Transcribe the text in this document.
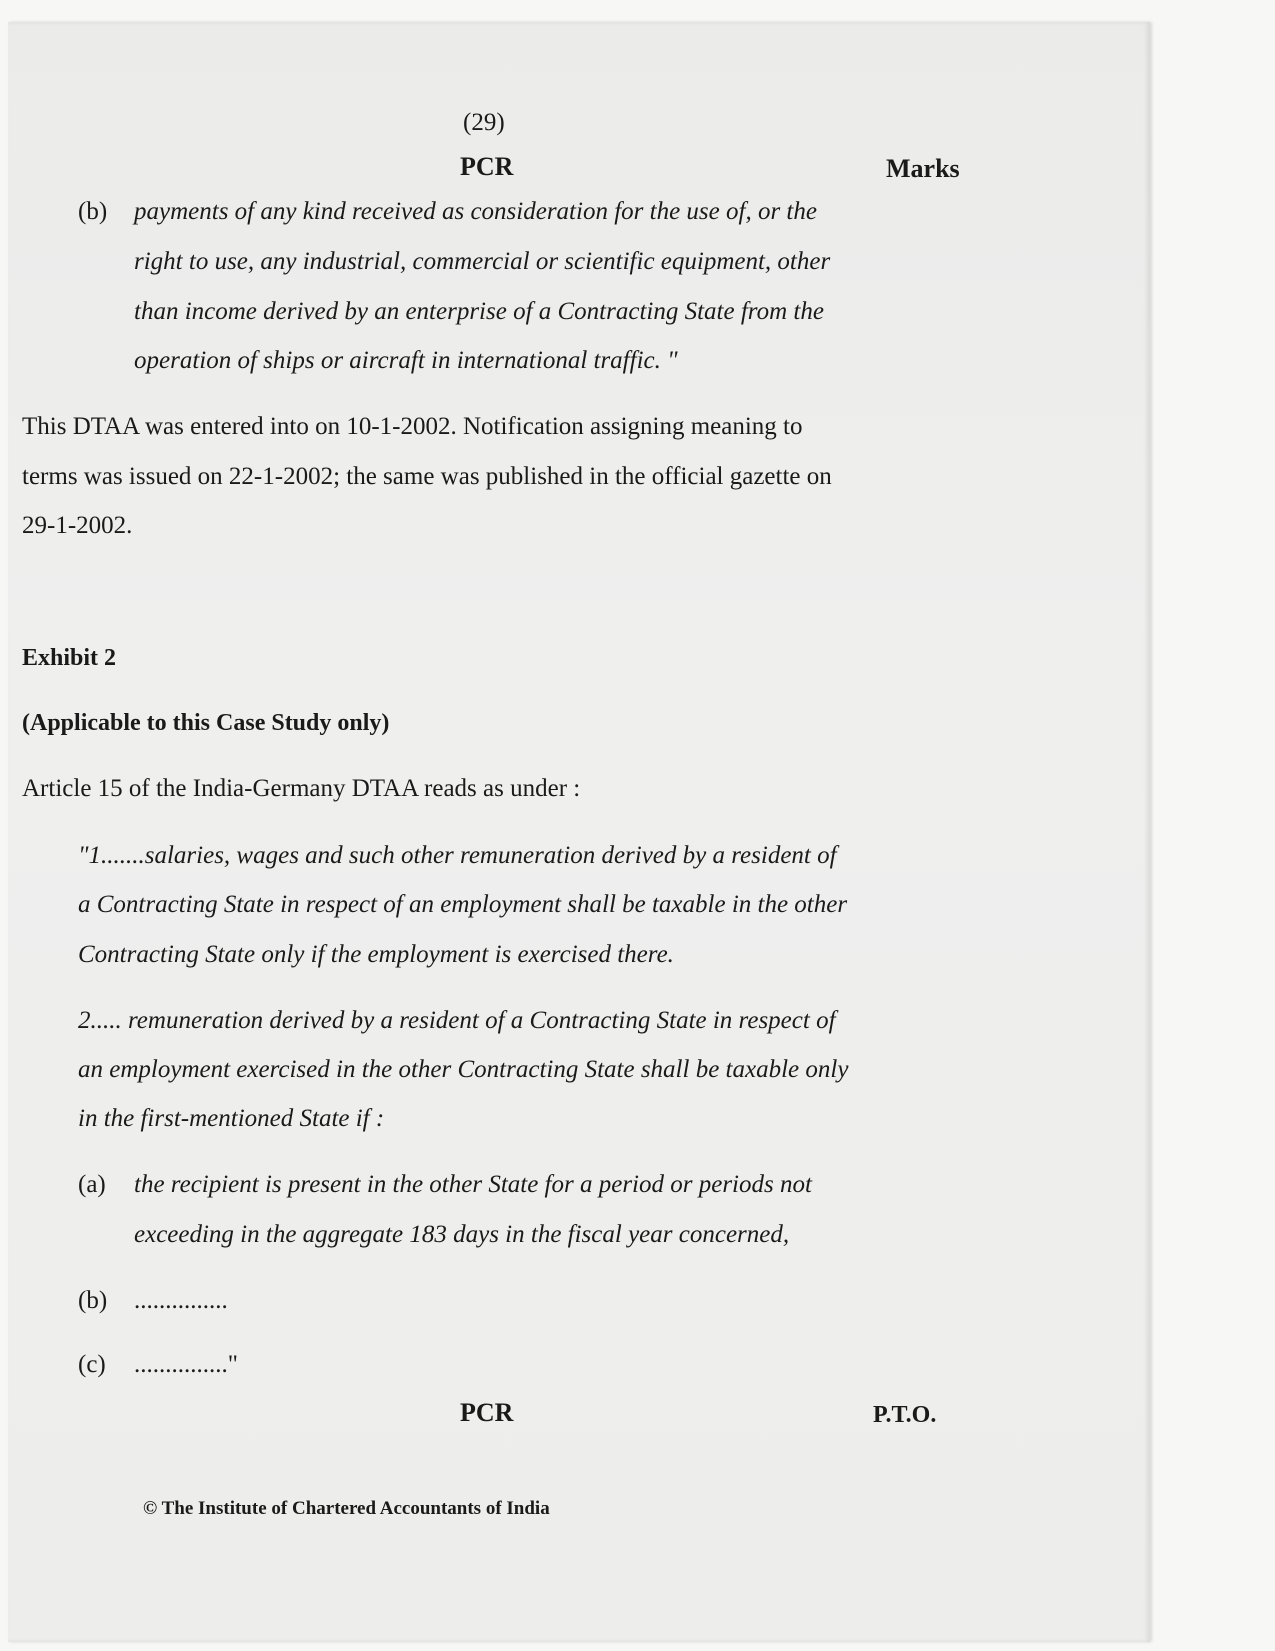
(29)
PCR	Marks
(b) payments of any kind received as consideration for the use of, or the
right to use, any industrial, commercial or scientific equipment, other
than income derived by an enterprise of a Contracting State from the
operation of ships or aircraft in international traffic. "
This DTAA was entered into on 10-1-2002. Notification assigning meaning to
terms was issued on 22-1-2002; the same was published in the official gazette on
29-1-2002.
Exhibit 2
(Applicable to this Case Study only)
Article 15 of the India-Germany DTAA reads as under :
"1.......salaries, wages and such other remuneration derived by a resident of
a Contracting State in respect of an employment shall be taxable in the other
Contracting State only if the employment is exercised there.
2..... remuneration derived by a resident of a Contracting State in respect of
an employment exercised in the other Contracting State shall be taxable only
in the first-mentioned State if :
(a) the recipient is present in the other State for a period or periods not
exceeding in the aggregate 183 days in the fiscal year concerned,
(b) ...............
(c) ..............."
PCR	P.T.O.
© The Institute of Chartered Accountants of India
